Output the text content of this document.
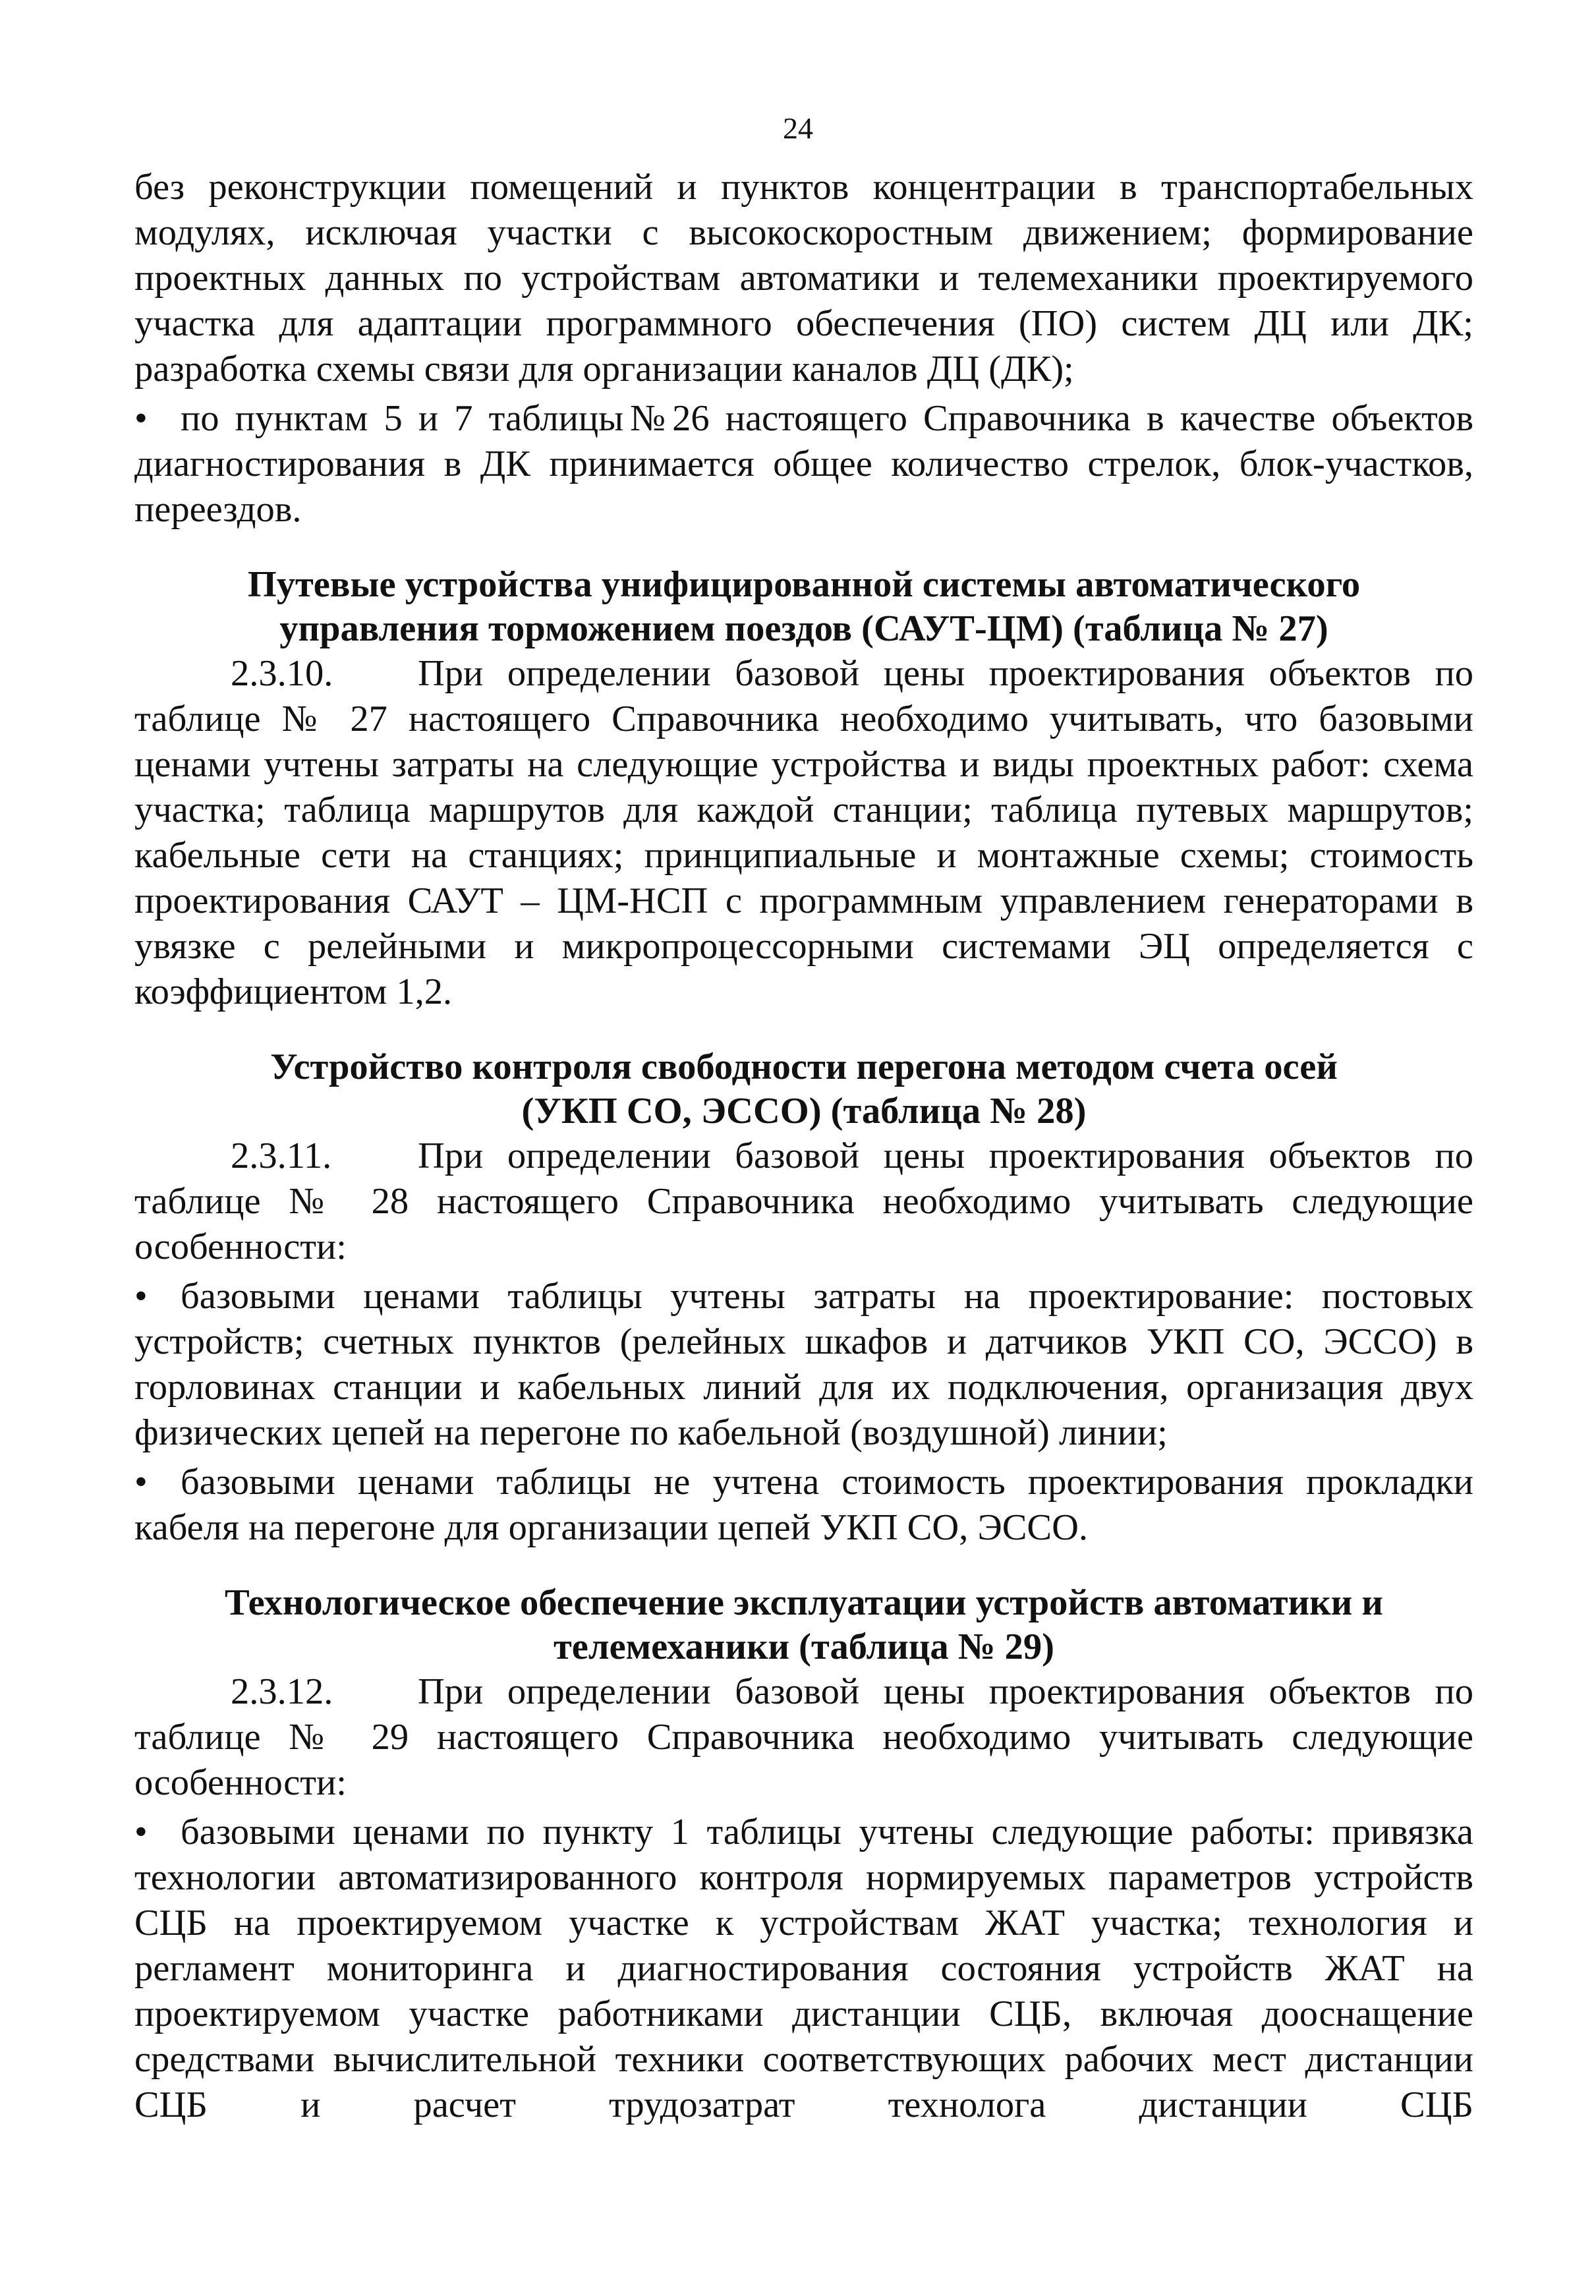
24

без реконструкции помещений и пунктов концентрации в транспортабельных модулях, исключая участки с высокоскоростным движением; формирование проектных данных по устройствам автоматики и телемеханики проектируемого участка для адаптации программного обеспечения (ПО) систем ДЦ или ДК; разработка схемы связи для организации каналов ДЦ (ДК);

• по пунктам 5 и 7 таблицы№26 настоящего Справочника в качестве объектов диагностирования в ДК принимается общее количество стрелок, блок-участков, переездов.

Путевые устройства унифицированной системы автоматического
управления торможением поездов (САУТ-ЦМ) (таблица № 27)

2.3.10. При определении базовой цены проектирования объектов по таблице № 27 настоящего Справочника необходимо учитывать, что базовыми ценами учтены затраты на следующие устройства и виды проектных работ: схема участка; таблица маршрутов для каждой станции; таблица путевых маршрутов; кабельные сети на станциях; принципиальные и монтажные схемы; стоимость проектирования САУТ – ЦМ-НСП с программным управлением генераторами в увязке с релейными и микропроцессорными системами ЭЦ определяется с коэффициентом 1,2.

Устройство контроля свободности перегона методом счета осей
(УКП СО, ЭССО) (таблица № 28)

2.3.11. При определении базовой цены проектирования объектов по таблице № 28 настоящего Справочника необходимо учитывать следующие особенности:

• базовыми ценами таблицы учтены затраты на проектирование: постовых устройств; счетных пунктов (релейных шкафов и датчиков УКП СО, ЭССО) в горловинах станции и кабельных линий для их подключения, организация двух физических цепей на перегоне по кабельной (воздушной) линии;

• базовыми ценами таблицы не учтена стоимость проектирования прокладки кабеля на перегоне для организации цепей УКП СО, ЭССО.

Технологическое обеспечение эксплуатации устройств автоматики и
телемеханики (таблица № 29)

2.3.12. При определении базовой цены проектирования объектов по таблице № 29 настоящего Справочника необходимо учитывать следующие особенности:

• базовыми ценами по пункту 1 таблицы учтены следующие работы: привязка технологии автоматизированного контроля нормируемых параметров устройств СЦБ на проектируемом участке к устройствам ЖАТ участка; технология и регламент мониторинга и диагностирования состояния устройств ЖАТ на проектируемом участке работниками дистанции СЦБ, включая дооснащение средствами вычислительной техники соответствующих рабочих мест дистанции СЦБ и расчет трудозатрат технолога дистанции СЦБ
